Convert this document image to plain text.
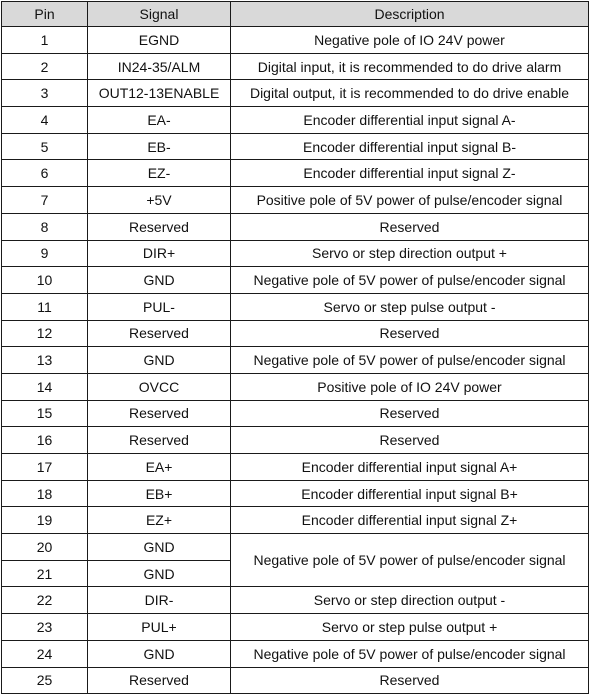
Pin	Signal	Description
1	EGND	Negative pole of IO 24V power
2	IN24-35/ALM	Digital input, it is recommended to do drive alarm
3	OUT12-13ENABLE	Digital output, it is recommended to do drive enable
4	EA-	Encoder differential input signal A-
5	EB-	Encoder differential input signal B-
6	EZ-	Encoder differential input signal Z-
7	+5V	Positive pole of 5V power of pulse/encoder signal
8	Reserved	Reserved
9	DIR+	Servo or step direction output +
10	GND	Negative pole of 5V power of pulse/encoder signal
11	PUL-	Servo or step pulse output -
12	Reserved	Reserved
13	GND	Negative pole of 5V power of pulse/encoder signal
14	OVCC	Positive pole of IO 24V power
15	Reserved	Reserved
16	Reserved	Reserved
17	EA+	Encoder differential input signal A+
18	EB+	Encoder differential input signal B+
19	EZ+	Encoder differential input signal Z+
20	GND	Negative pole of 5V power of pulse/encoder signal
21	GND	
22	DIR-	Servo or step direction output -
23	PUL+	Servo or step pulse output +
24	GND	Negative pole of 5V power of pulse/encoder signal
25	Reserved	Reserved
